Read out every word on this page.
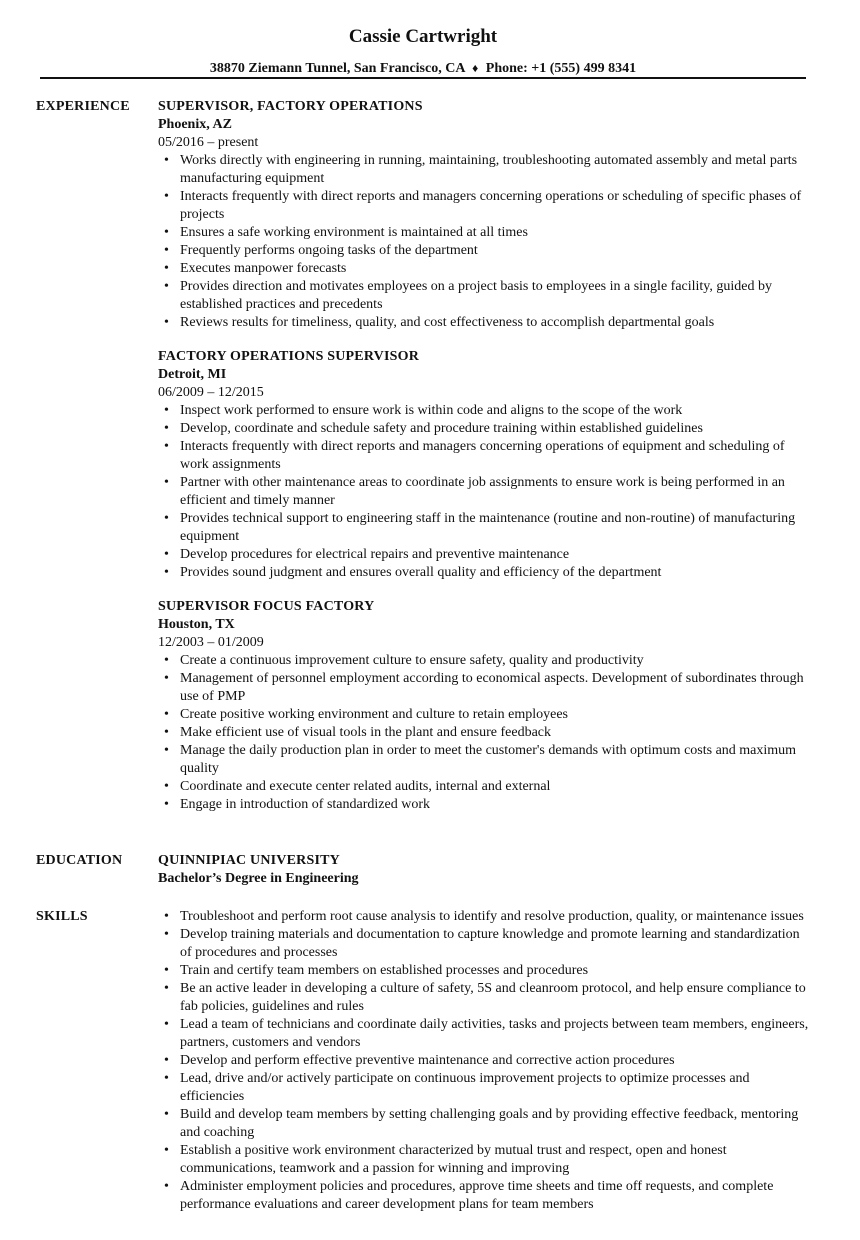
Cassie Cartwright
38870 Ziemann Tunnel, San Francisco, CA ♦ Phone: +1 (555) 499 8341
EXPERIENCE SUPERVISOR, FACTORY OPERATIONS
Phoenix, AZ
05/2016 – present
• Works directly with engineering in running, maintaining, troubleshooting automated assembly and metal parts manufacturing equipment
• Interacts frequently with direct reports and managers concerning operations or scheduling of specific phases of projects
• Ensures a safe working environment is maintained at all times
• Frequently performs ongoing tasks of the department
• Executes manpower forecasts
• Provides direction and motivates employees on a project basis to employees in a single facility, guided by established practices and precedents
• Reviews results for timeliness, quality, and cost effectiveness to accomplish departmental goals
FACTORY OPERATIONS SUPERVISOR
Detroit, MI
06/2009 – 12/2015
• Inspect work performed to ensure work is within code and aligns to the scope of the work
• Develop, coordinate and schedule safety and procedure training within established guidelines
• Interacts frequently with direct reports and managers concerning operations of equipment and scheduling of work assignments
• Partner with other maintenance areas to coordinate job assignments to ensure work is being performed in an efficient and timely manner
• Provides technical support to engineering staff in the maintenance (routine and non-routine) of manufacturing equipment
• Develop procedures for electrical repairs and preventive maintenance
• Provides sound judgment and ensures overall quality and efficiency of the department
SUPERVISOR FOCUS FACTORY
Houston, TX
12/2003 – 01/2009
• Create a continuous improvement culture to ensure safety, quality and productivity
• Management of personnel employment according to economical aspects. Development of subordinates through use of PMP
• Create positive working environment and culture to retain employees
• Make efficient use of visual tools in the plant and ensure feedback
• Manage the daily production plan in order to meet the customer's demands with optimum costs and maximum quality
• Coordinate and execute center related audits, internal and external
• Engage in introduction of standardized work
EDUCATION	QUINNIPIAC UNIVERSITY
Bachelor’s Degree in Engineering
SKILLS
•	Troubleshoot and perform root cause analysis to identify and resolve production, quality, or maintenance issues
• Develop training materials and documentation to capture knowledge and promote learning and standardization of procedures and processes
• Train and certify team members on established processes and procedures
• Be an active leader in developing a culture of safety, 5S and cleanroom protocol, and help ensure compliance to fab policies, guidelines and rules
• Lead a team of technicians and coordinate daily activities, tasks and projects between team members, engineers, partners, customers and vendors
• Develop and perform effective preventive maintenance and corrective action procedures
• Lead, drive and/or actively participate on continuous improvement projects to optimize processes and efficiencies
• Build and develop team members by setting challenging goals and by providing effective feedback, mentoring and coaching
• Establish a positive work environment characterized by mutual trust and respect, open and honest communications, teamwork and a passion for winning and improving
• Administer employment policies and procedures, approve time sheets and time off requests, and complete performance evaluations and career development plans for team members
